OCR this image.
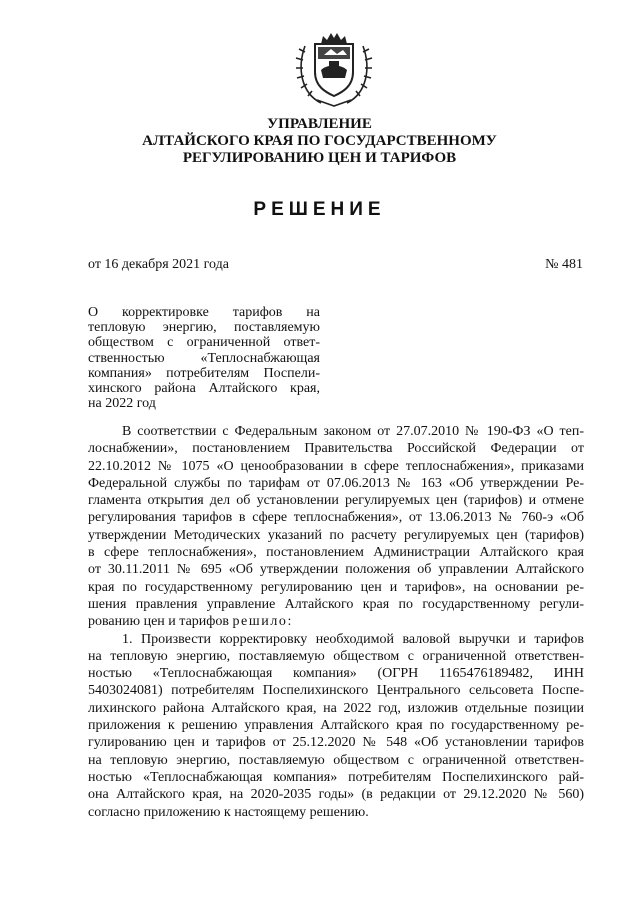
УПРАВЛЕНИЕ
АЛТАЙСКОГО КРАЯ ПО ГОСУДАРСТВЕННОМУ
РЕГУЛИРОВАНИЮ ЦЕН И ТАРИФОВ
РЕШЕНИЕ
от 16 декабря 2021 года	№ 481
О корректировке тарифов на
тепловую энергию, поставляемую
обществом с ограниченной ответ-
ственностью «Теплоснабжающая
компания» потребителям Поспели-
хинского района Алтайского края,
на 2022 год
В соответствии с Федеральным законом от 27.07.2010 № 190-ФЗ «О теп-
лоснабжении», постановлением Правительства Российской Федерации от
22.10.2012 № 1075 «О ценообразовании в сфере теплоснабжения», приказами
Федеральной службы по тарифам от 07.06.2013 № 163 «Об утверждении Ре-
гламента открытия дел об установлении регулируемых цен (тарифов) и отмене
регулирования тарифов в сфере теплоснабжения», от 13.06.2013 № 760-э «Об
утверждении Методических указаний по расчету регулируемых цен (тарифов)
в сфере теплоснабжения», постановлением Администрации Алтайского края
от 30.11.2011 № 695 «Об утверждении положения об управлении Алтайского
края по государственному регулированию цен и тарифов», на основании ре-
шения правления управление Алтайского края по государственному регули-
рованию цен и тарифов решило:
1. Произвести корректировку необходимой валовой выручки и тарифов
на тепловую энергию, поставляемую обществом с ограниченной ответствен-
ностью «Теплоснабжающая компания» (ОГРН 1165476189482, ИНН
5403024081) потребителям Поспелихинского Центрального сельсовета Поспе-
лихинского района Алтайского края, на 2022 год, изложив отдельные позиции
приложения к решению управления Алтайского края по государственному ре-
гулированию цен и тарифов от 25.12.2020 № 548 «Об установлении тарифов
на тепловую энергию, поставляемую обществом с ограниченной ответствен-
ностью «Теплоснабжающая компания» потребителям Поспелихинского рай-
она Алтайского края, на 2020-2035 годы» (в редакции от 29.12.2020 № 560)
согласно приложению к настоящему решению.
